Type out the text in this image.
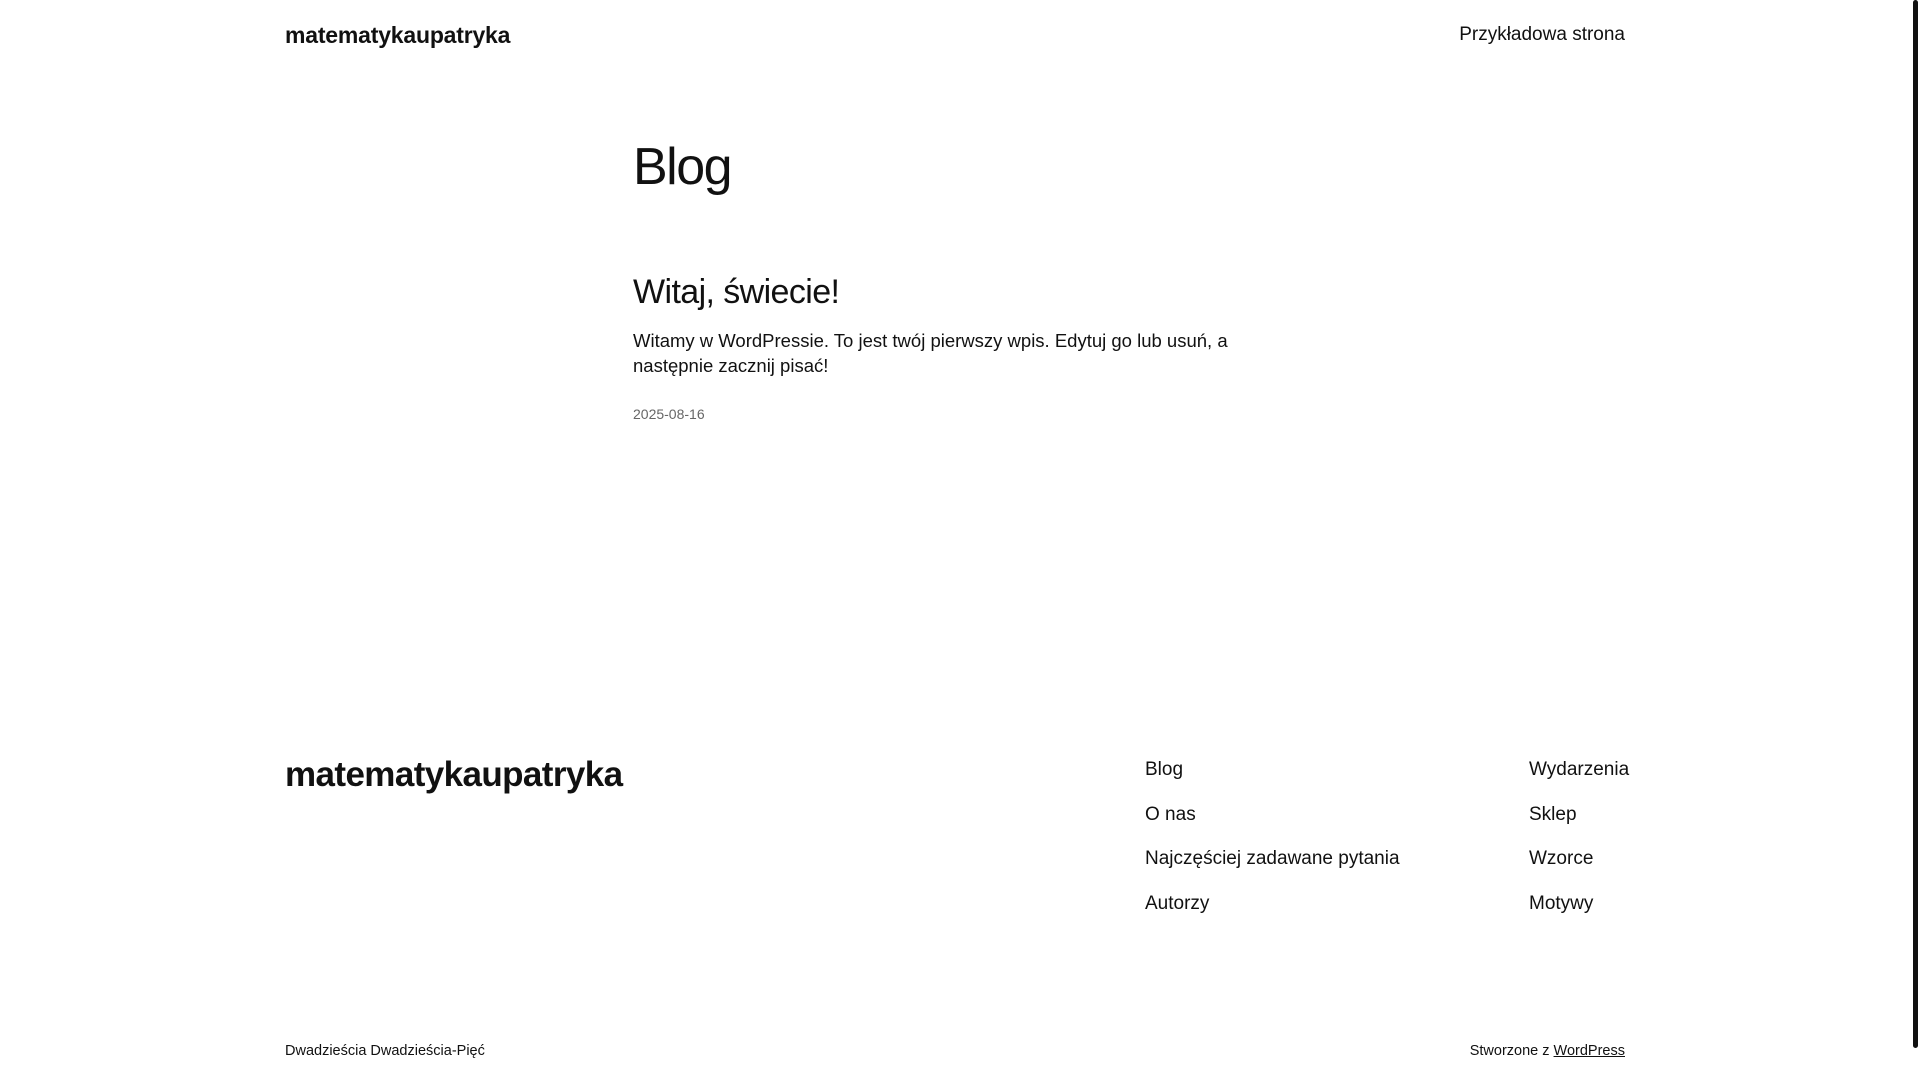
matematykaupatryka	Przykładowa strona
Blog
Witaj, świecie!

Witamy w WordPressie. To jest twój pierwszy wpis. Edytuj go lub usuń, a następnie zacznij pisać!

2025-08-16
matematykaupatryka	Blog
O nas
Najczęściej zadawane pytania
Autorzy
Wydarzenia
Sklep
Wzorce
Motywy
Dwadzieścia Dwadzieścia-Pięć	Stworzone z WordPress
